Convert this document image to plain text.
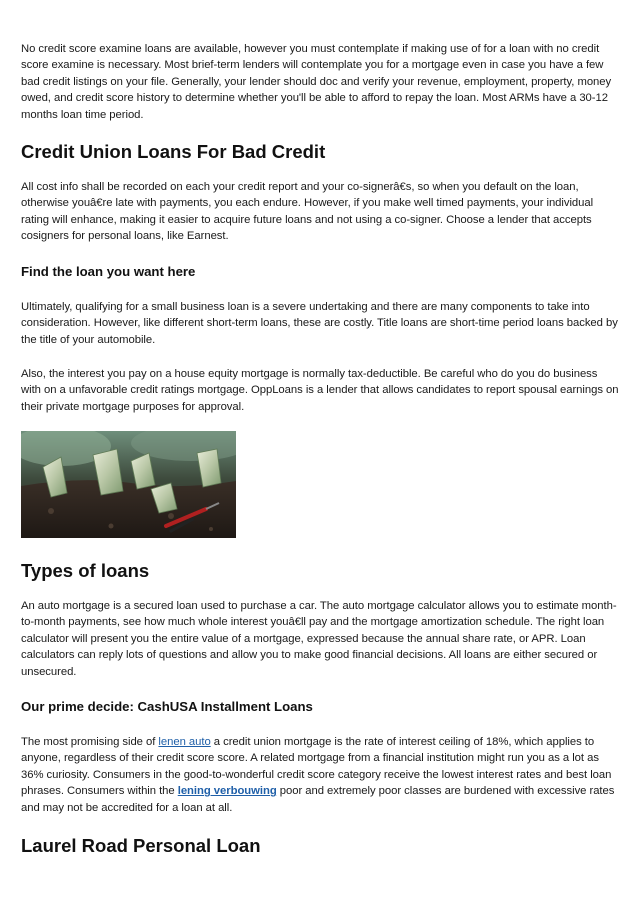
No credit score examine loans are available, however you must contemplate if making use of for a loan with no credit score examine is necessary. Most brief-term lenders will contemplate you for a mortgage even in case you have a few bad credit listings on your file. Generally, your lender should doc and verify your revenue, employment, property, money owed, and credit score history to determine whether you'll be able to afford to repay the loan. Most ARMs have a 30-12 months loan time period.

Credit Union Loans For Bad Credit

All cost info shall be recorded on each your credit report and your co-signerâ€s, so when you default on the loan, otherwise youâ€re late with payments, you each endure. However, if you make well timed payments, your individual rating will enhance, making it easier to acquire future loans and not using a co-signer. Choose a lender that accepts cosigners for personal loans, like Earnest.

Find the loan you want here

Ultimately, qualifying for a small business loan is a severe undertaking and there are many components to take into consideration. However, like different short-term loans, these are costly. Title loans are short-time period loans backed by the title of your automobile.

Also, the interest you pay on a house equity mortgage is normally tax-deductible. Be careful who do you do business with on a unfavorable credit ratings mortgage. OppLoans is a lender that allows candidates to report spousal earnings on their private mortgage purposes for approval.

Types of loans

An auto mortgage is a secured loan used to purchase a car. The auto mortgage calculator allows you to estimate month-to-month payments, see how much whole interest youâ€ll pay and the mortgage amortization schedule. The right loan calculator will present you the entire value of a mortgage, expressed because the annual share rate, or APR. Loan calculators can reply lots of questions and allow you to make good financial decisions. All loans are either secured or unsecured.

Our prime decide: CashUSA Installment Loans

The most promising side of lenen auto a credit union mortgage is the rate of interest ceiling of 18%, which applies to anyone, regardless of their credit score score. A related mortgage from a financial institution might run you as a lot as 36% curiosity. Consumers in the good-to-wonderful credit score category receive the lowest interest rates and best loan phrases. Consumers within the lening verbouwing poor and extremely poor classes are burdened with excessive rates and may not be accredited for a loan at all.

Laurel Road Personal Loan
